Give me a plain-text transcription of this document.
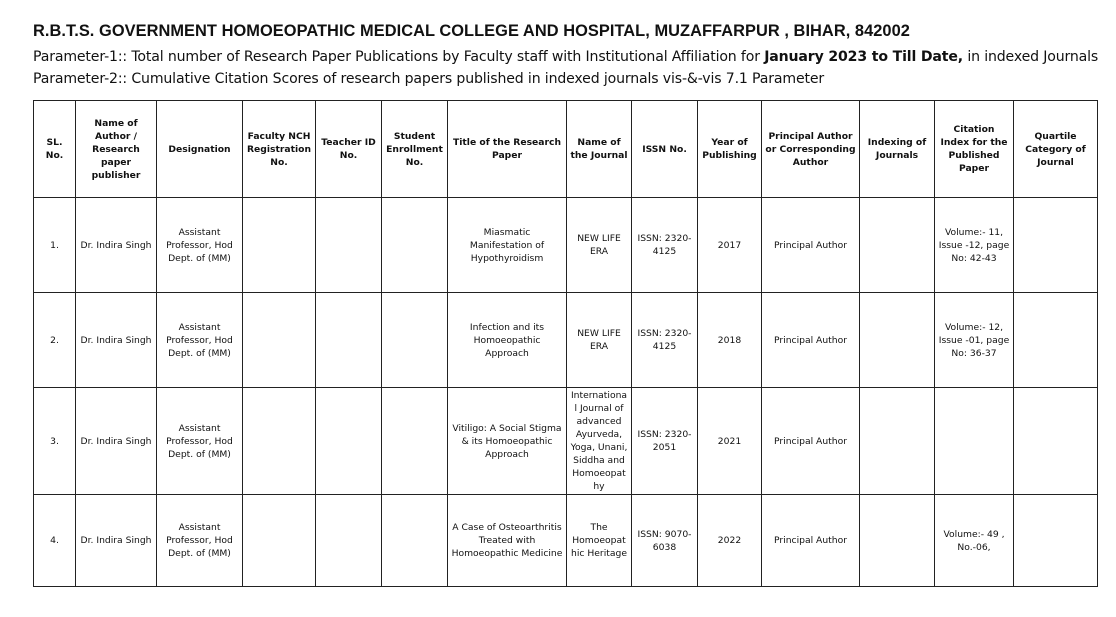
R.B.T.S. GOVERNMENT HOMOEOPATHIC MEDICAL COLLEGE AND HOSPITAL, MUZAFFARPUR , BIHAR, 842002
Parameter-1:: Total number of Research Paper Publications by Faculty staff with Institutional Affiliation for January 2023 to Till Date, in indexed Journals
Parameter-2:: Cumulative Citation Scores of research papers published in indexed journals vis-&-vis 7.1 Parameter
SL. No.	Name of Author / Research paper publisher	Designation	Faculty NCH Registration No.	Teacher ID No.	Student Enrollment No.	Title of the Research Paper	Name of the Journal	ISSN No.	Year of Publishing	Principal Author or Corresponding Author	Indexing of Journals	Citation Index for the Published Paper	Quartile Category of Journal
1.	Dr. Indira Singh	Assistant Professor, Hod Dept. of (MM)				Miasmatic Manifestation of Hypothyroidism	NEW LIFE ERA	ISSN: 2320-4125	2017	Principal Author		Volume:- 11, Issue -12, page No: 42-43	
2.	Dr. Indira Singh	Assistant Professor, Hod Dept. of (MM)				Infection and its Homoeopathic Approach	NEW LIFE ERA	ISSN: 2320-4125	2018	Principal Author		Volume:- 12, Issue -01, page No: 36-37	
3.	Dr. Indira Singh	Assistant Professor, Hod Dept. of (MM)				Vitiligo: A Social Stigma & its Homoeopathic Approach	International Journal of advanced Ayurveda, Yoga, Unani, Siddha and Homoeopathy	ISSN: 2320-2051	2021	Principal Author			
4.	Dr. Indira Singh	Assistant Professor, Hod Dept. of (MM)				A Case of Osteoarthritis Treated with Homoeopathic Medicine	The Homoeopathic Heritage	ISSN: 9070-6038	2022	Principal Author		Volume:- 49 , No.-06,	
